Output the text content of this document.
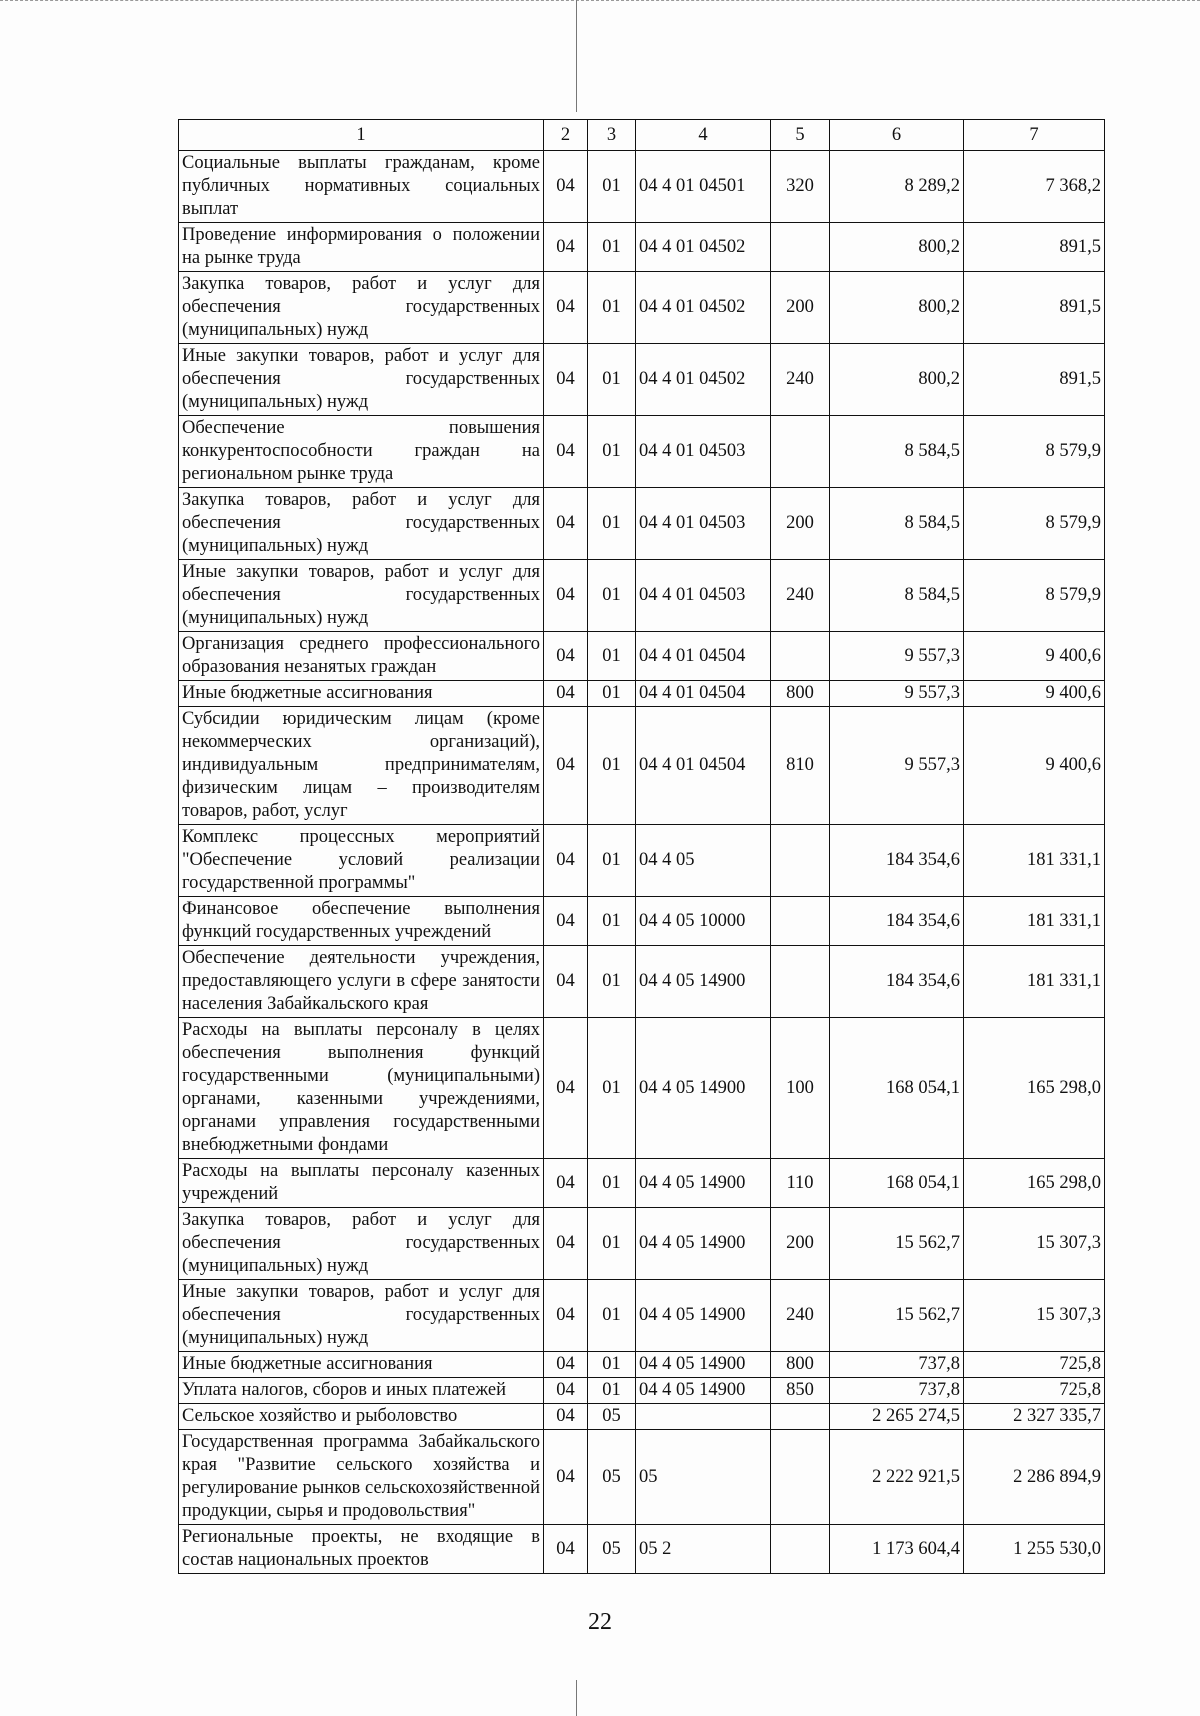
1	2	3	4	5	6	7
Социальные выплаты гражданам, кроме публичных нормативных социальных выплат	04	01	04 4 01 04501	320	8 289,2	7 368,2
Проведение информирования о положении на рынке труда	04	01	04 4 01 04502		800,2	891,5
Закупка товаров, работ и услуг для обеспечения государственных (муниципальных) нужд	04	01	04 4 01 04502	200	800,2	891,5
Иные закупки товаров, работ и услуг для обеспечения государственных (муниципальных) нужд	04	01	04 4 01 04502	240	800,2	891,5
Обеспечение повышения конкурентоспособности граждан на региональном рынке труда	04	01	04 4 01 04503		8 584,5	8 579,9
Закупка товаров, работ и услуг для обеспечения государственных (муниципальных) нужд	04	01	04 4 01 04503	200	8 584,5	8 579,9
Иные закупки товаров, работ и услуг для обеспечения государственных (муниципальных) нужд	04	01	04 4 01 04503	240	8 584,5	8 579,9
Организация среднего профессионального образования незанятых граждан	04	01	04 4 01 04504		9 557,3	9 400,6
Иные бюджетные ассигнования	04	01	04 4 01 04504	800	9 557,3	9 400,6
Субсидии юридическим лицам (кроме некоммерческих организаций), индивидуальным предпринимателям, физическим лицам – производителям товаров, работ, услуг	04	01	04 4 01 04504	810	9 557,3	9 400,6
Комплекс процессных мероприятий "Обеспечение условий реализации государственной программы"	04	01	04 4 05		184 354,6	181 331,1
Финансовое обеспечение выполнения функций государственных учреждений	04	01	04 4 05 10000		184 354,6	181 331,1
Обеспечение деятельности учреждения, предоставляющего услуги в сфере занятости населения Забайкальского края	04	01	04 4 05 14900		184 354,6	181 331,1
Расходы на выплаты персоналу в целях обеспечения выполнения функций государственными (муниципальными) органами, казенными учреждениями, органами управления государственными внебюджетными фондами	04	01	04 4 05 14900	100	168 054,1	165 298,0
Расходы на выплаты персоналу казенных учреждений	04	01	04 4 05 14900	110	168 054,1	165 298,0
Закупка товаров, работ и услуг для обеспечения государственных (муниципальных) нужд	04	01	04 4 05 14900	200	15 562,7	15 307,3
Иные закупки товаров, работ и услуг для обеспечения государственных (муниципальных) нужд	04	01	04 4 05 14900	240	15 562,7	15 307,3
Иные бюджетные ассигнования	04	01	04 4 05 14900	800	737,8	725,8
Уплата налогов, сборов и иных платежей	04	01	04 4 05 14900	850	737,8	725,8
Сельское хозяйство и рыболовство	04	05			2 265 274,5	2 327 335,7
Государственная программа Забайкальского края "Развитие сельского хозяйства и регулирование рынков сельскохозяйственной продукции, сырья и продовольствия"	04	05	05		2 222 921,5	2 286 894,9
Региональные проекты, не входящие в состав национальных проектов	04	05	05 2		1 173 604,4	1 255 530,0
22
